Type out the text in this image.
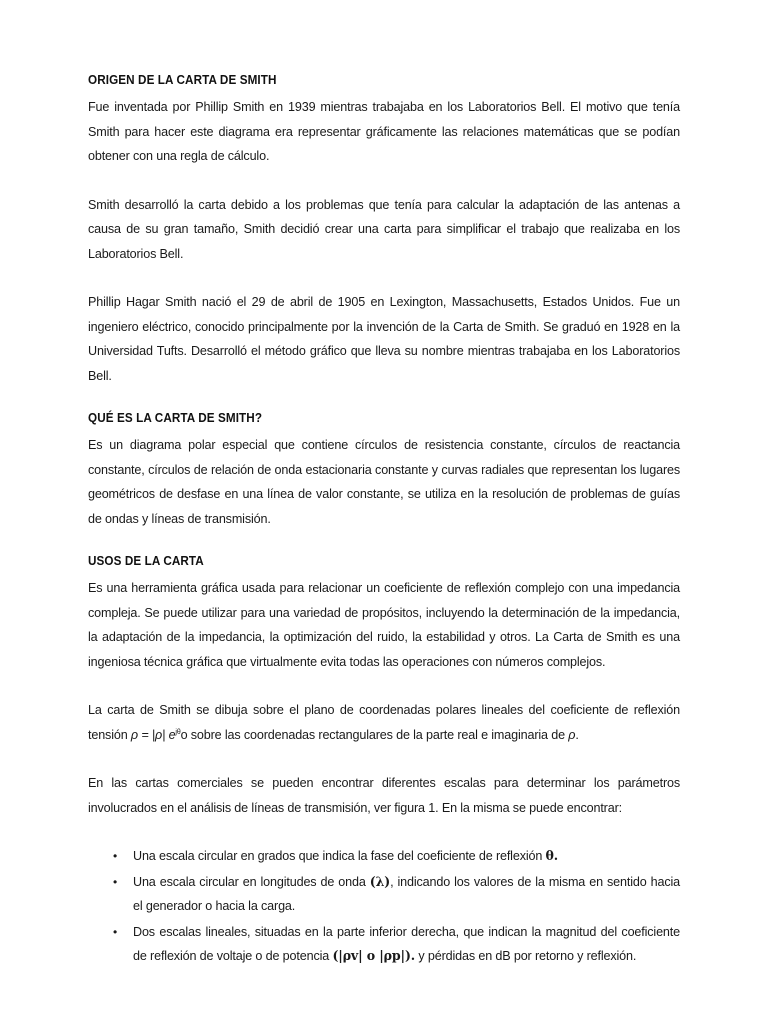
ORIGEN DE LA CARTA DE SMITH

Fue inventada por Phillip Smith en 1939 mientras trabajaba en los Laboratorios Bell. El motivo que tenía Smith para hacer este diagrama era representar gráficamente las relaciones matemáticas que se podían obtener con una regla de cálculo.

Smith desarrolló la carta debido a los problemas que tenía para calcular la adaptación de las antenas a causa de su gran tamaño, Smith decidió crear una carta para simplificar el trabajo que realizaba en los Laboratorios Bell.

Phillip Hagar Smith nació el 29 de abril de 1905 en Lexington, Massachusetts, Estados Unidos. Fue un ingeniero eléctrico, conocido principalmente por la invención de la Carta de Smith. Se graduó en 1928 en la Universidad Tufts. Desarrolló el método gráfico que lleva su nombre mientras trabajaba en los Laboratorios Bell.

QUÉ ES LA CARTA DE SMITH?

Es un diagrama polar especial que contiene círculos de resistencia constante, círculos de reactancia constante, círculos de relación de onda estacionaria constante y curvas radiales que representan los lugares geométricos de desfase en una línea de valor constante, se utiliza en la resolución de problemas de guías de ondas y líneas de transmisión.

USOS DE LA CARTA

Es una herramienta gráfica usada para relacionar un coeficiente de reflexión complejo con una impedancia compleja. Se puede utilizar para una variedad de propósitos, incluyendo la determinación de la impedancia, la adaptación de la impedancia, la optimización del ruido, la estabilidad y otros. La Carta de Smith es una ingeniosa técnica gráfica que virtualmente evita todas las operaciones con números complejos.

La carta de Smith se dibuja sobre el plano de coordenadas polares lineales del coeficiente de reflexión tensión ρ = |ρ| $e^{j\theta}o$ sobre las coordenadas rectangulares de la parte real e imaginaria de ρ.

En las cartas comerciales se pueden encontrar diferentes escalas para determinar los parámetros involucrados en el análisis de líneas de transmisión, ver figura 1. En la misma se puede encontrar:

• Una escala circular en grados que indica la fase del coeficiente de reflexión θ.
• Una escala circular en longitudes de onda (λ), indicando los valores de la misma en sentido hacia el generador o hacia la carga.
• Dos escalas lineales, situadas en la parte inferior derecha, que indican la magnitud del coeficiente de reflexión de voltaje o de potencia (|ρv| o |ρp|). y pérdidas en dB por retorno y reflexión.
